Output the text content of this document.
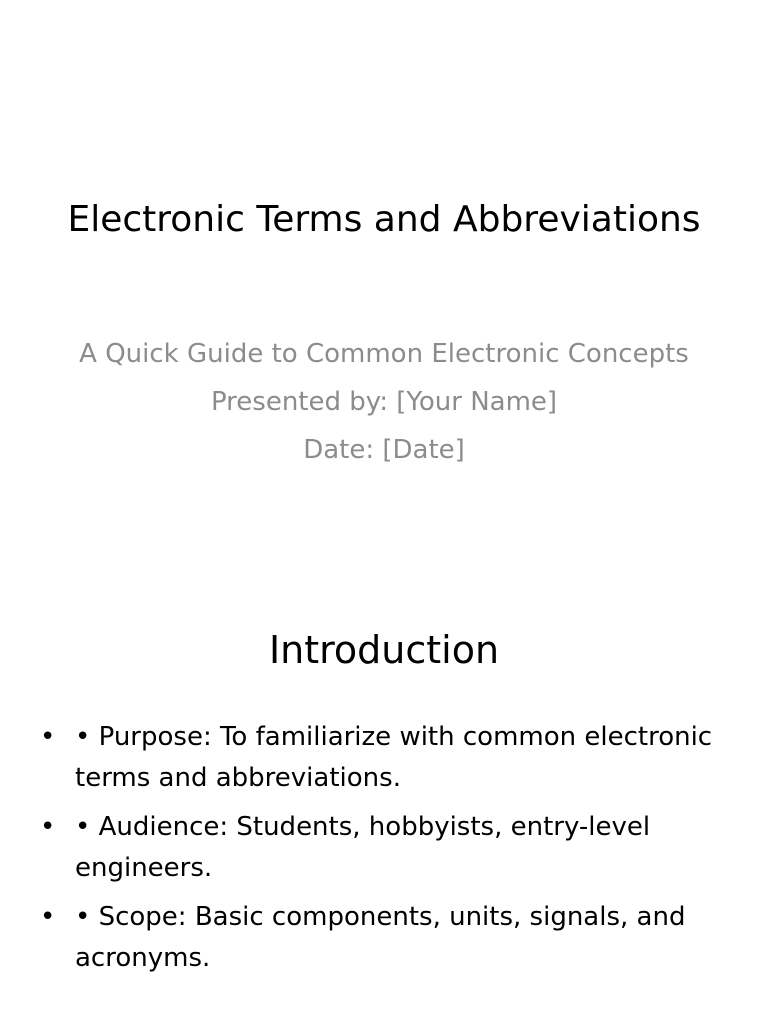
Electronic Terms and Abbreviations
A Quick Guide to Common Electronic Concepts
Presented by: [Your Name]
Date: [Date]
Introduction
• • Purpose: To familiarize with common electronic terms and abbreviations.
• • Audience: Students, hobbyists, entry-level engineers.
• • Scope: Basic components, units, signals, and acronyms.
